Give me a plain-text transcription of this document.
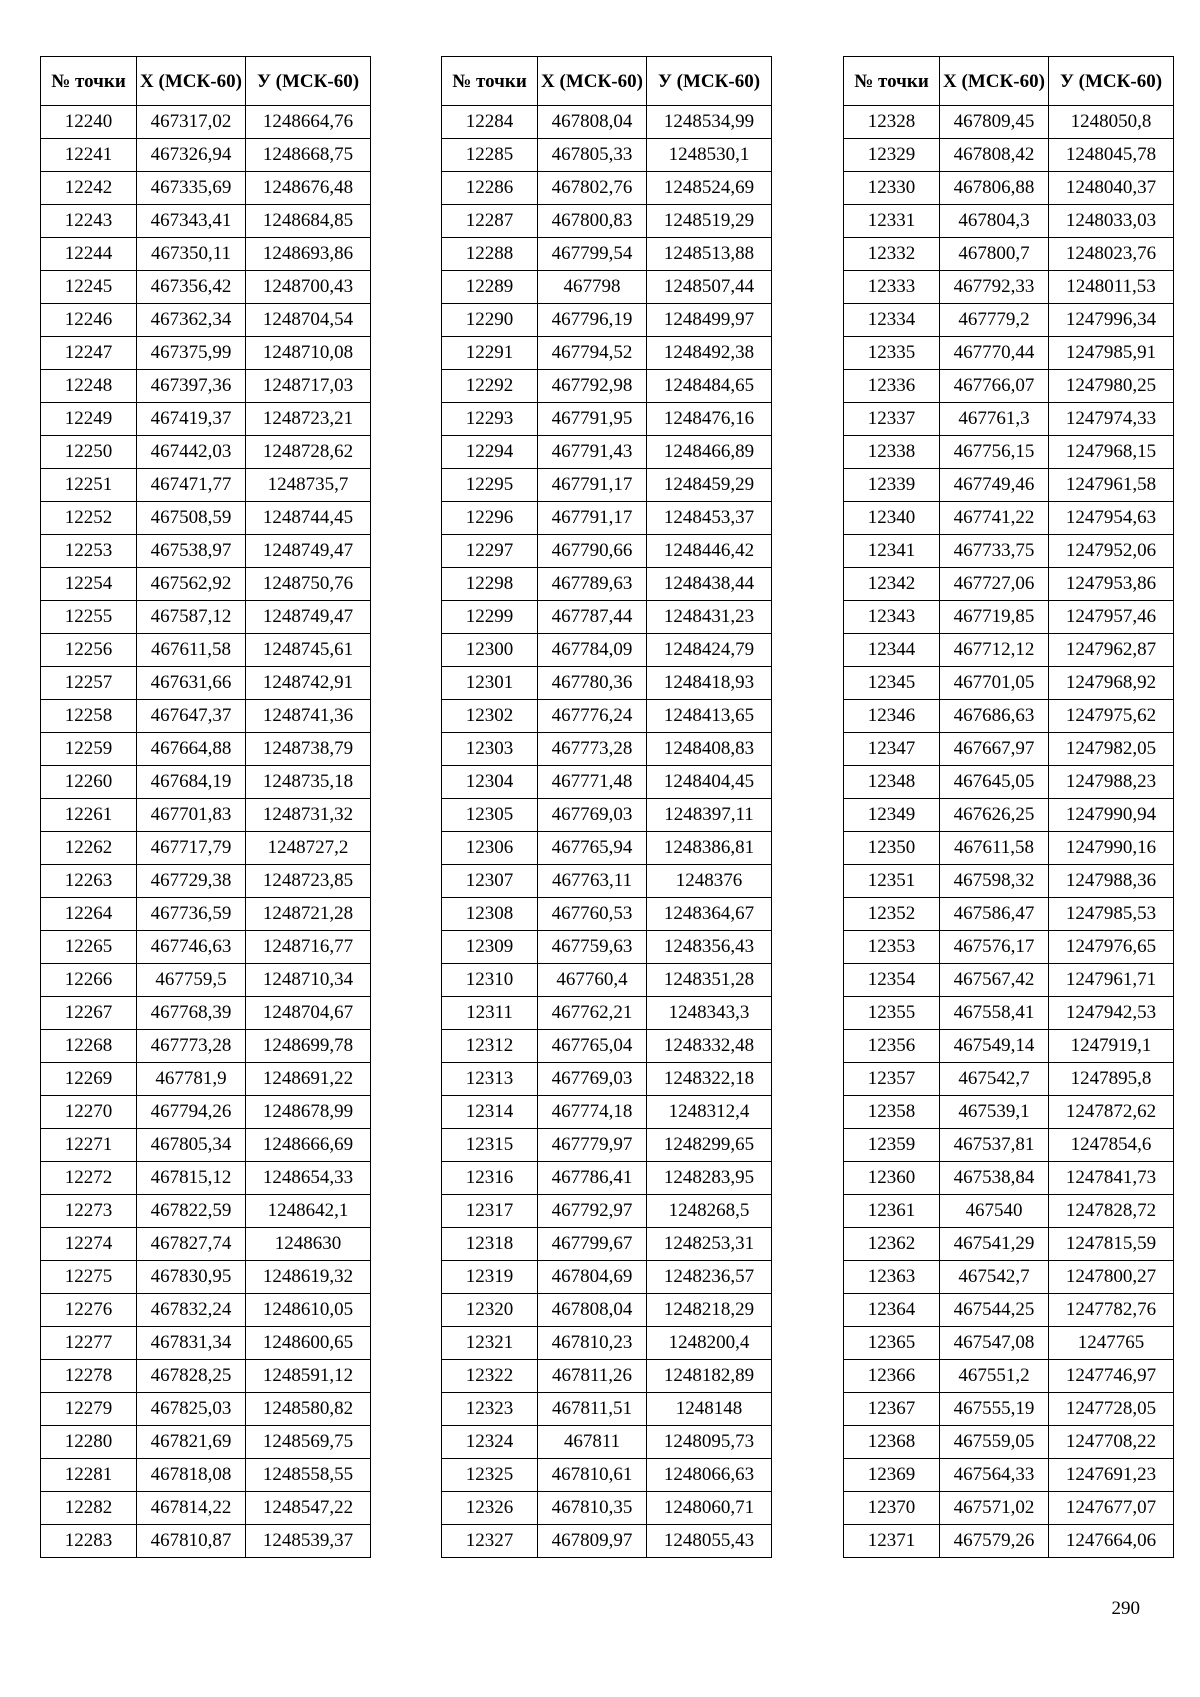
№ точки	Х (МСК-60)	У (МСК-60)
12240	467317,02	1248664,76
12241	467326,94	1248668,75
12242	467335,69	1248676,48
12243	467343,41	1248684,85
12244	467350,11	1248693,86
12245	467356,42	1248700,43
12246	467362,34	1248704,54
12247	467375,99	1248710,08
12248	467397,36	1248717,03
12249	467419,37	1248723,21
12250	467442,03	1248728,62
12251	467471,77	1248735,7
12252	467508,59	1248744,45
12253	467538,97	1248749,47
12254	467562,92	1248750,76
12255	467587,12	1248749,47
12256	467611,58	1248745,61
12257	467631,66	1248742,91
12258	467647,37	1248741,36
12259	467664,88	1248738,79
12260	467684,19	1248735,18
12261	467701,83	1248731,32
12262	467717,79	1248727,2
12263	467729,38	1248723,85
12264	467736,59	1248721,28
12265	467746,63	1248716,77
12266	467759,5	1248710,34
12267	467768,39	1248704,67
12268	467773,28	1248699,78
12269	467781,9	1248691,22
12270	467794,26	1248678,99
12271	467805,34	1248666,69
12272	467815,12	1248654,33
12273	467822,59	1248642,1
12274	467827,74	1248630
12275	467830,95	1248619,32
12276	467832,24	1248610,05
12277	467831,34	1248600,65
12278	467828,25	1248591,12
12279	467825,03	1248580,82
12280	467821,69	1248569,75
12281	467818,08	1248558,55
12282	467814,22	1248547,22
12283	467810,87	1248539,37
№ точки	Х (МСК-60)	У (МСК-60)
12284	467808,04	1248534,99
12285	467805,33	1248530,1
12286	467802,76	1248524,69
12287	467800,83	1248519,29
12288	467799,54	1248513,88
12289	467798	1248507,44
12290	467796,19	1248499,97
12291	467794,52	1248492,38
12292	467792,98	1248484,65
12293	467791,95	1248476,16
12294	467791,43	1248466,89
12295	467791,17	1248459,29
12296	467791,17	1248453,37
12297	467790,66	1248446,42
12298	467789,63	1248438,44
12299	467787,44	1248431,23
12300	467784,09	1248424,79
12301	467780,36	1248418,93
12302	467776,24	1248413,65
12303	467773,28	1248408,83
12304	467771,48	1248404,45
12305	467769,03	1248397,11
12306	467765,94	1248386,81
12307	467763,11	1248376
12308	467760,53	1248364,67
12309	467759,63	1248356,43
12310	467760,4	1248351,28
12311	467762,21	1248343,3
12312	467765,04	1248332,48
12313	467769,03	1248322,18
12314	467774,18	1248312,4
12315	467779,97	1248299,65
12316	467786,41	1248283,95
12317	467792,97	1248268,5
12318	467799,67	1248253,31
12319	467804,69	1248236,57
12320	467808,04	1248218,29
12321	467810,23	1248200,4
12322	467811,26	1248182,89
12323	467811,51	1248148
12324	467811	1248095,73
12325	467810,61	1248066,63
12326	467810,35	1248060,71
12327	467809,97	1248055,43
№ точки	Х (МСК-60)	У (МСК-60)
12328	467809,45	1248050,8
12329	467808,42	1248045,78
12330	467806,88	1248040,37
12331	467804,3	1248033,03
12332	467800,7	1248023,76
12333	467792,33	1248011,53
12334	467779,2	1247996,34
12335	467770,44	1247985,91
12336	467766,07	1247980,25
12337	467761,3	1247974,33
12338	467756,15	1247968,15
12339	467749,46	1247961,58
12340	467741,22	1247954,63
12341	467733,75	1247952,06
12342	467727,06	1247953,86
12343	467719,85	1247957,46
12344	467712,12	1247962,87
12345	467701,05	1247968,92
12346	467686,63	1247975,62
12347	467667,97	1247982,05
12348	467645,05	1247988,23
12349	467626,25	1247990,94
12350	467611,58	1247990,16
12351	467598,32	1247988,36
12352	467586,47	1247985,53
12353	467576,17	1247976,65
12354	467567,42	1247961,71
12355	467558,41	1247942,53
12356	467549,14	1247919,1
12357	467542,7	1247895,8
12358	467539,1	1247872,62
12359	467537,81	1247854,6
12360	467538,84	1247841,73
12361	467540	1247828,72
12362	467541,29	1247815,59
12363	467542,7	1247800,27
12364	467544,25	1247782,76
12365	467547,08	1247765
12366	467551,2	1247746,97
12367	467555,19	1247728,05
12368	467559,05	1247708,22
12369	467564,33	1247691,23
12370	467571,02	1247677,07
12371	467579,26	1247664,06
290
